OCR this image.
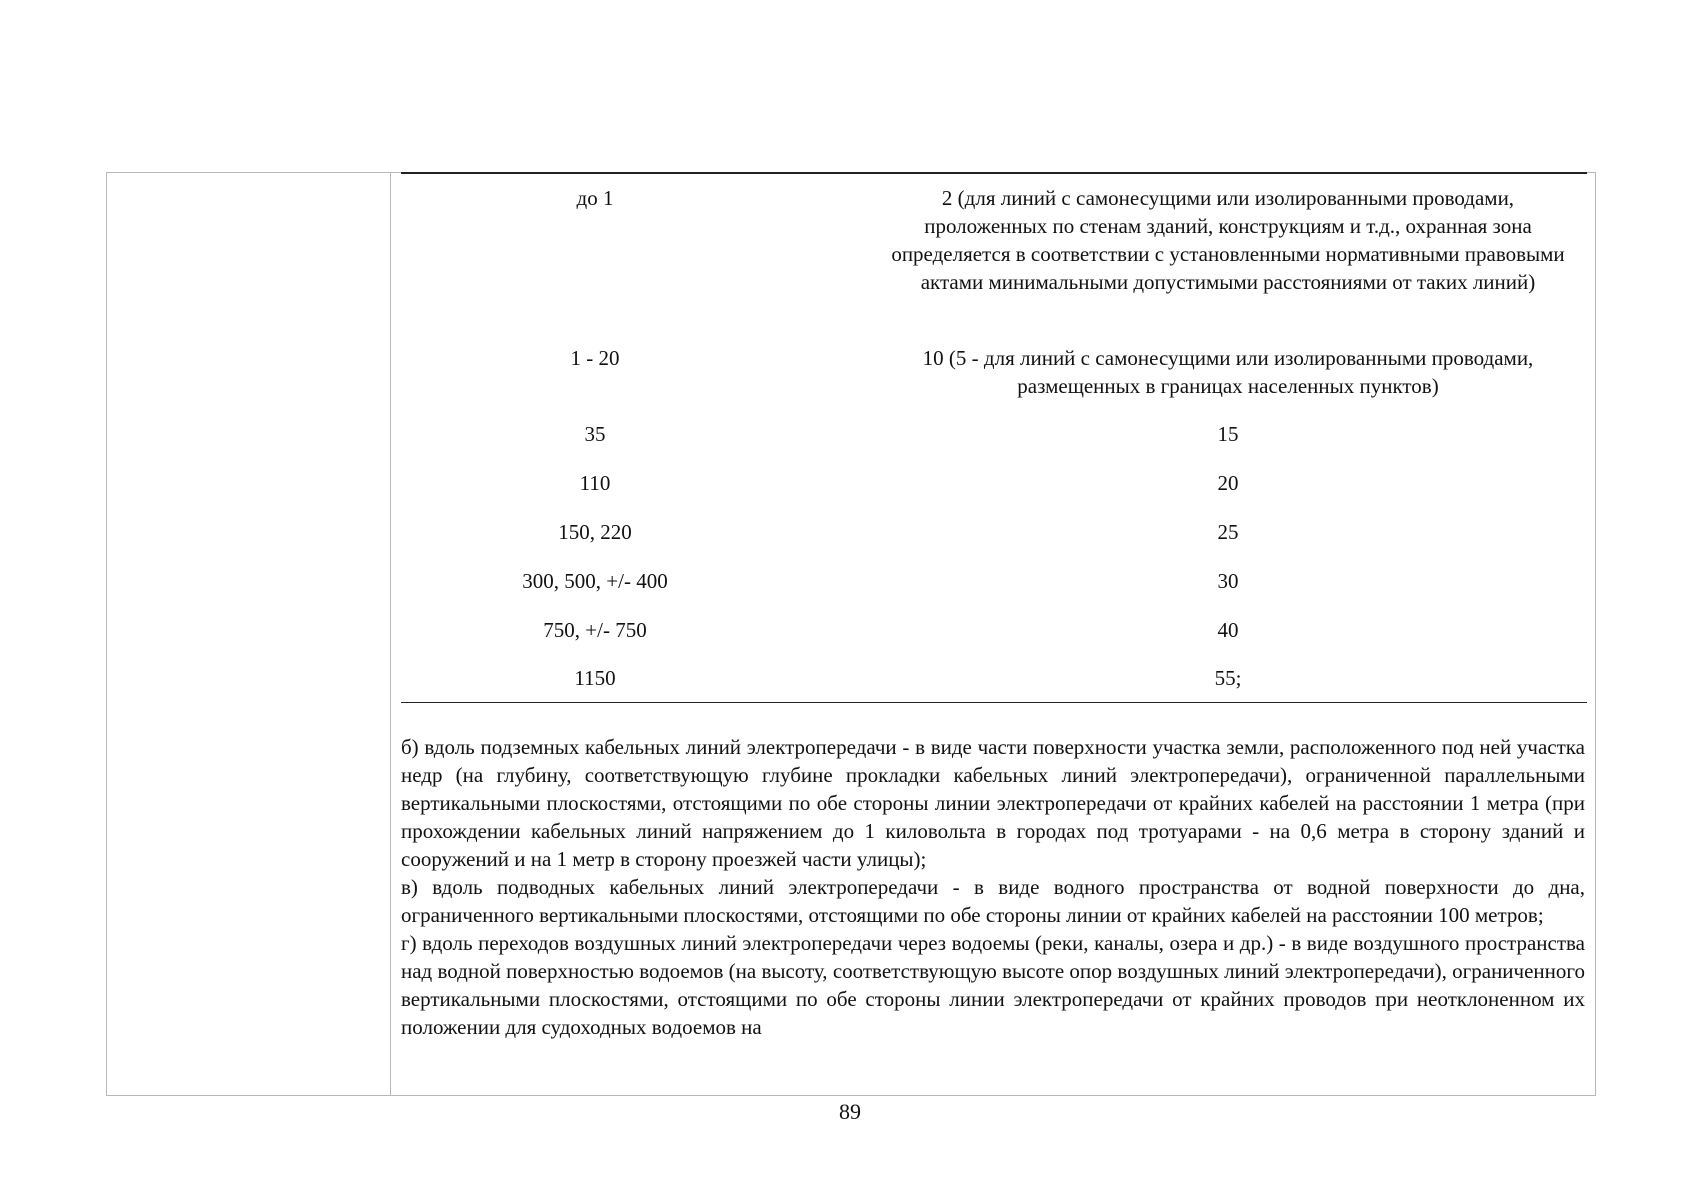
до 1	2 (для линий с самонесущими или изолированными проводами, проложенных по стенам зданий, конструкциям и т.д., охранная зона определяется в соответствии с установленными нормативными правовыми актами минимальными допустимыми расстояниями от таких линий)
1 - 20	10 (5 - для линий с самонесущими или изолированными проводами, размещенных в границах населенных пунктов)
35	15
110	20
150, 220	25
300, 500, +/- 400	30
750, +/- 750	40
1150	55;

б) вдоль подземных кабельных линий электропередачи - в виде части поверхности участка земли, расположенного под ней участка недр (на глубину, соответствующую глубине прокладки кабельных линий электропередачи), ограниченной параллельными вертикальными плоскостями, отстоящими по обе стороны линии электропередачи от крайних кабелей на расстоянии 1 метра (при прохождении кабельных линий напряжением до 1 киловольта в городах под тротуарами - на 0,6 метра в сторону зданий и сооружений и на 1 метр в сторону проезжей части улицы);

в) вдоль подводных кабельных линий электропередачи - в виде водного пространства от водной поверхности до дна, ограниченного вертикальными плоскостями, отстоящими по обе стороны линии от крайних кабелей на расстоянии 100 метров;

г) вдоль переходов воздушных линий электропередачи через водоемы (реки, каналы, озера и др.) - в виде воздушного пространства над водной поверхностью водоемов (на высоту, соответствующую высоте опор воздушных линий электропередачи), ограниченного вертикальными плоскостями, отстоящими по обе стороны линии электропередачи от крайних проводов при неотклоненном их положении для судоходных водоемов на

89
